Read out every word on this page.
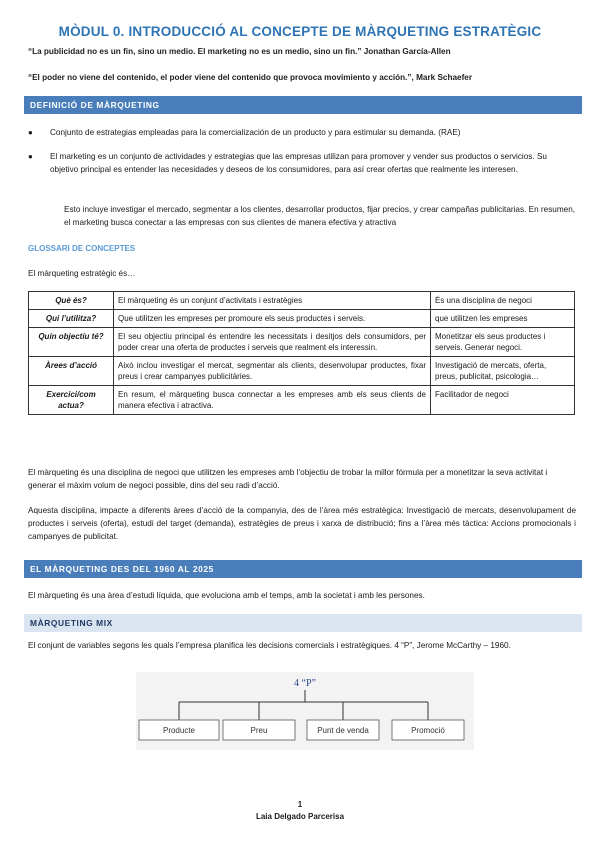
MÒDUL 0. INTRODUCCIÓ AL CONCEPTE DE MÀRQUETING ESTRATÈGIC
“La publicidad no es un fin, sino un medio. El marketing no es un medio, sino un fin.” Jonathan García-Allen
“El poder no viene del contenido, el poder viene del contenido que provoca movimiento y acción.”, Mark Schaefer
DEFINICIÓ DE MÀRQUETING
● Conjunto de estrategias empleadas para la comercialización de un producto y para estimular su demanda. (RAE)
● El marketing es un conjunto de actividades y estrategias que las empresas utilizan para promover y vender sus productos o servicios. Su objetivo principal es entender las necesidades y deseos de los consumidores, para así crear ofertas que realmente les interesen.
Esto incluye investigar el mercado, segmentar a los clientes, desarrollar productos, fijar precios, y crear campañas publicitarias. En resumen, el marketing busca conectar a las empresas con sus clientes de manera efectiva y atractiva
GLOSSARI DE CONCEPTES
El màrqueting estratègic és…
Què és?	El màrqueting és un conjunt d’activitats i estratègies	És una disciplina de negoci
Qui l’utilitza?	Que utilitzen les empreses per promoure els seus productes i serveis.	que utilitzen les empreses
Quin objectiu té?	El seu objectiu principal és entendre les necessitats i desitjos dels consumidors, per poder crear una oferta de productes i serveis que realment els interessin.	Monetitzar els seus productes i serveis. Generar negoci.
Àrees d’acció	Això inclou investigar el mercat, segmentar als clients, desenvolupar productes, fixar preus i crear campanyes publicitàries.	Investigació de mercats, oferta, preus, publicitat, psicologia…
Exercici/com actua?	En resum, el màrqueting busca connectar a les empreses amb els seus clients de manera efectiva i atractiva.	Facilitador de negoci
El màrqueting és una disciplina de negoci que utilitzen les empreses amb l’objectiu de trobar la millor fórmula per a monetitzar la seva activitat i generar el màxim volum de negoci possible, dins del seu radi d’acció.
Aquesta disciplina, impacte a diferents àrees d’acció de la companyia, des de l’àrea més estratègica: Investigació de mercats, desenvolupament de productes i serveis (oferta), estudi del target (demanda), estratègies de preus i xarxa de distribució; fins a l’àrea més tàctica: Accions promocionals i campanyes de publicitat.
EL MÀRQUETING DES DEL 1960 AL 2025
El màrqueting és una àrea d’estudi líquida, que evoluciona amb el temps, amb la societat i amb les persones.
MÀRQUETING MIX
El conjunt de variables segons les quals l’empresa planifica les decisions comercials i estratègiques. 4 “P”, Jerome McCarthy – 1960.
4 “P”
Producte	Preu	Punt de venda	Promoció
1
Laia Delgado Parcerisa
